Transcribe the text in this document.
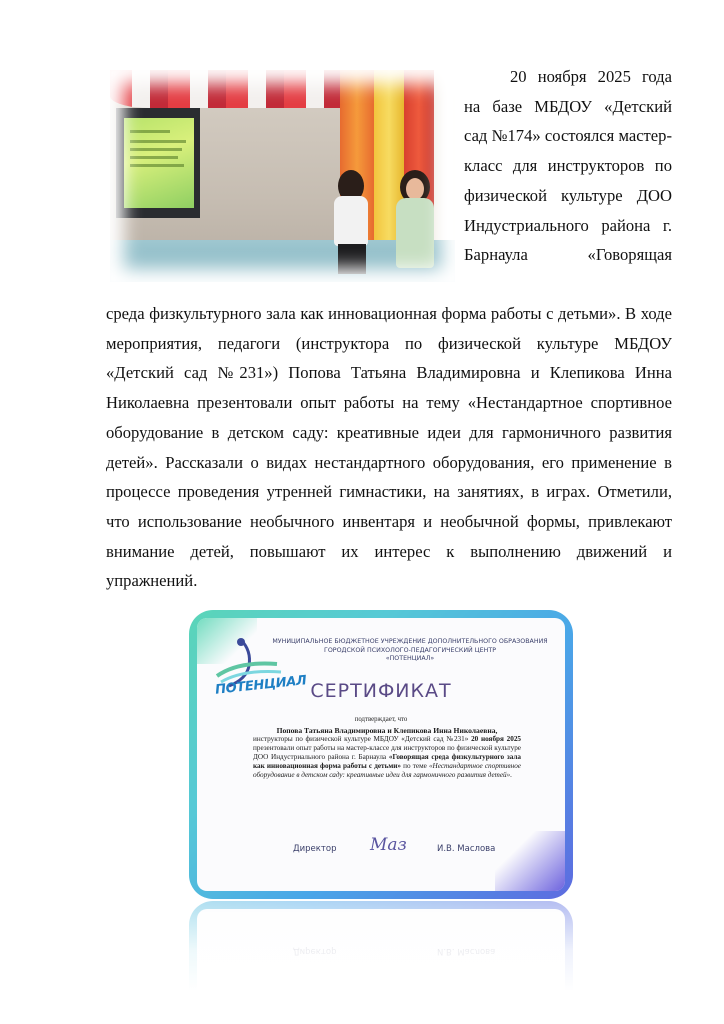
20 ноября 2025 года
на базе МБДОУ «Детский сад №174» состоялся мастер-класс для инструкторов по физической культуре ДОО Индустриального района г. Барнаула «Говорящая

среда физкультурного зала как инновационная форма работы с детьми». В ходе мероприятия, педагоги (инструктора по физической культуре МБДОУ «Детский сад №231») Попова Татьяна Владимировна и Клепикова Инна Николаевна презентовали опыт работы на тему «Нестандартное спортивное оборудование в детском саду: креативные идеи для гармоничного развития детей». Рассказали о видах нестандартного оборудования, его применение в процессе проведения утренней гимнастики, на занятиях, в играх. Отметили, что использование необычного инвентаря и необычной формы, привлекают внимание детей, повышают их интерес к выполнению движений и упражнений.

ПОТЕНЦИАЛ
МУНИЦИПАЛЬНОЕ БЮДЖЕТНОЕ УЧРЕЖДЕНИЕ ДОПОЛНИТЕЛЬНОГО ОБРАЗОВАНИЯ
ГОРОДСКОЙ ПСИХОЛОГО-ПЕДАГОГИЧЕСКИЙ ЦЕНТР
«ПОТЕНЦИАЛ»
СЕРТИФИКАТ
подтверждает, что
Попова Татьяна Владимировна и Клепикова Инна Николаевна,
инструкторы по физической культуре МБДОУ «Детский сад №231» 20 ноября 2025 презентовали опыт работы на мастер-классе для инструкторов по физической культуре ДОО Индустриального района г. Барнаула «Говорящая среда физкультурного зала как инновационная форма работы с детьми» по теме «Нестандартное спортивное оборудование в детском саду: креативные идеи для гармоничного развития детей».
Директор Маз	И.В. Маслова
